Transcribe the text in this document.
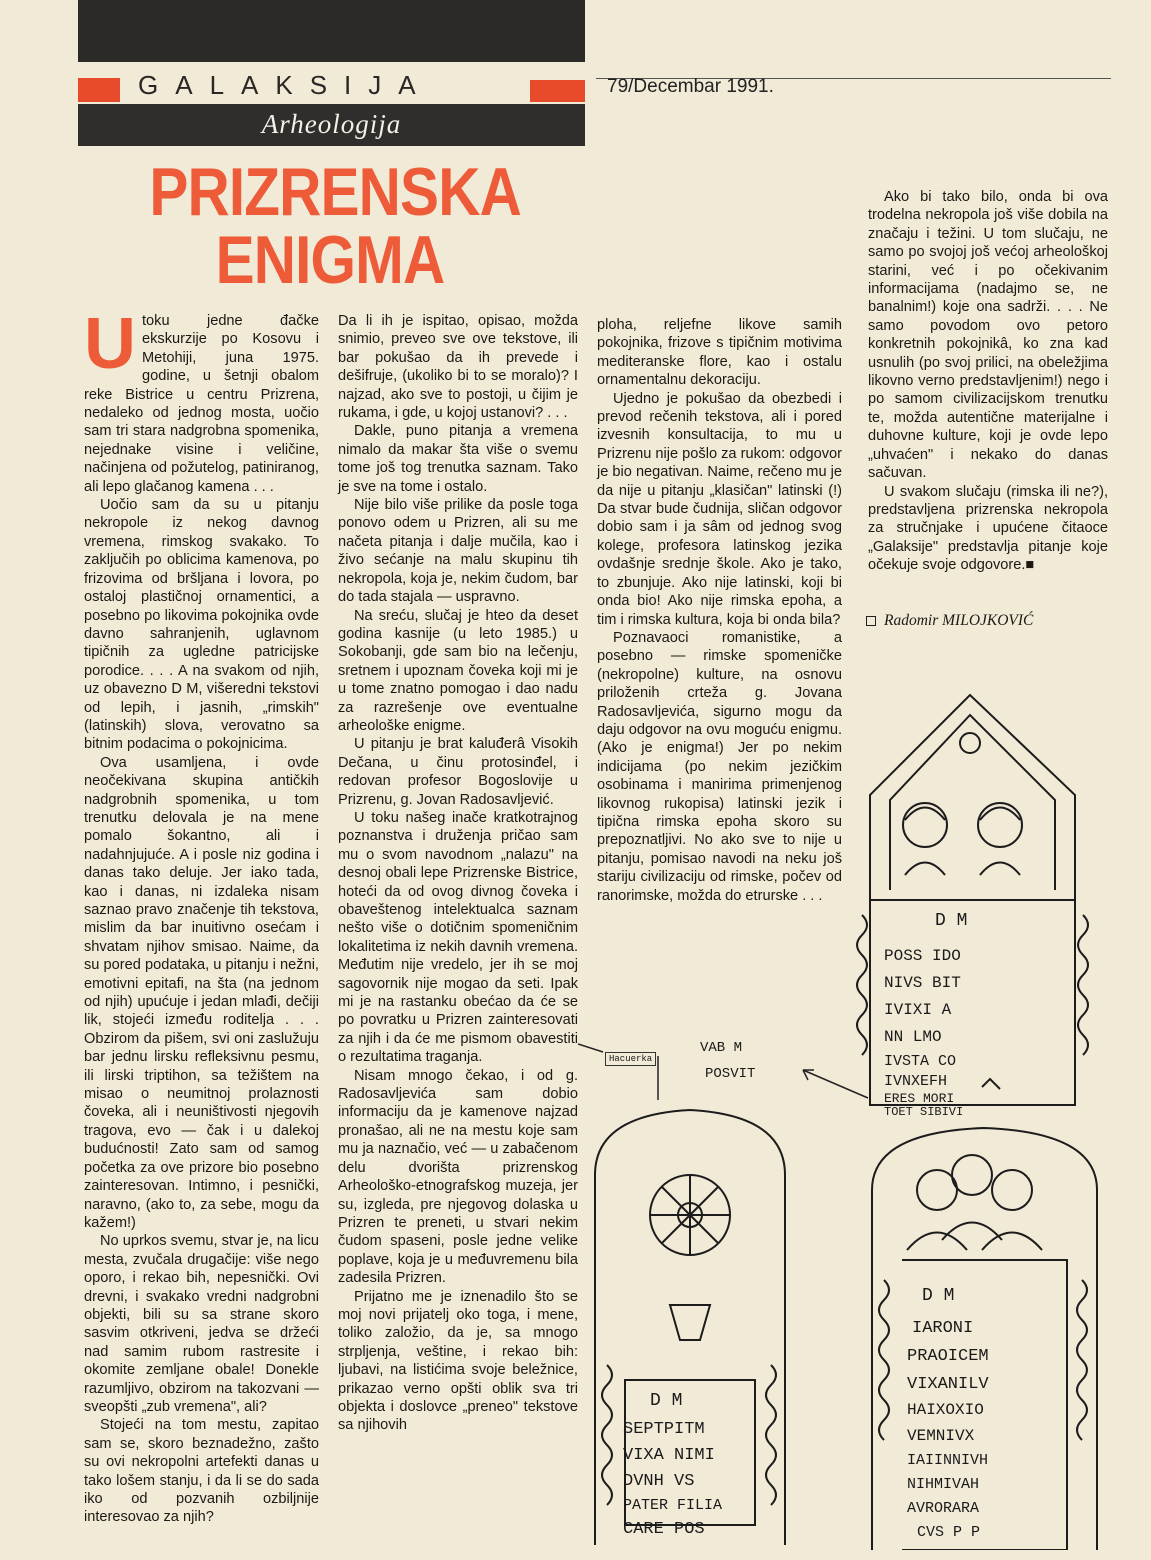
GALAKSIJA	79/Decembar 1991.
Arheologija
PRIZRENSKA
ENIGMA

Utoku jedne đačke ekskurzije po Kosovu i Metohiji, juna 1975. godine, u šetnji obalom reke Bistrice u centru Prizrena, nedaleko od jednog mosta, uočio sam tri stara nadgrobna spomenika, nejednake visine i veličine, načinjena od požutelog, patiniranog, ali lepo glačanog kamena . . .

Uočio sam da su u pitanju nekropole iz nekog davnog vremena, rimskog svakako. To zaključih po oblicima kamenova, po frizovima od bršljana i lovora, po ostaloj plastičnoj ornamentici, a posebno po likovima pokojnika ovde davno sahranjenih, uglavnom tipičnih za ugledne patricijske porodice. . . . A na svakom od njih, uz obavezno D M, višeredni tekstovi od lepih, i jasnih, „rimskih" (latinskih) slova, verovatno sa bitnim podacima o pokojnicima.

Ova usamljena, i ovde neočekivana skupina antičkih nadgrobnih spomenika, u tom trenutku delovala je na mene pomalo šokantno, ali i nadahnjujuće. A i posle niz godina i danas tako deluje. Jer iako tada, kao i danas, ni izdaleka nisam saznao pravo značenje tih tekstova, mislim da bar inuitivno osećam i shvatam njihov smisao. Naime, da su pored podataka, u pitanju i nežni, emotivni epitafi, na šta (na jednom od njih) upućuje i jedan mlađi, dečiji lik, stojeći između roditelja . . . Obzirom da pišem, svi oni zaslužuju bar jednu lirsku refleksivnu pesmu, ili lirski triptihon, sa težištem na misao o neumitnoj prolaznosti čoveka, ali i neuništivosti njegovih tragova, evo — čak i u dalekoj budućnosti! Zato sam od samog početka za ove prizore bio posebno zainteresovan. Intimno, i pesnički, naravno, (ako to, za sebe, mogu da kažem!)

No uprkos svemu, stvar je, na licu mesta, zvučala drugačije: više nego oporo, i rekao bih, nepesnički. Ovi drevni, i svakako vredni nadgrobni objekti, bili su sa strane skoro sasvim otkriveni, jedva se držeći nad samim rubom rastresite i okomite zemljane obale! Donekle razumljivo, obzirom na takozvani — sveopšti „zub vremena", ali?

Stojeći na tom mestu, zapitao sam se, skoro beznadežno, zašto su ovi nekropolni artefekti danas u tako lošem stanju, i da li se do sada iko od pozvanih ozbiljnije interesovao za njih?

Da li ih je ispitao, opisao, možda snimio, preveo sve ove tekstove, ili bar pokušao da ih prevede i dešifruje, (ukoliko bi to se moralo)? I najzad, ako sve to postoji, u čijim je rukama, i gde, u kojoj ustanovi? . . .

Dakle, puno pitanja a vremena nimalo da makar šta više o svemu tome još tog trenutka saznam. Tako je sve na tome i ostalo.

Nije bilo više prilike da posle toga ponovo odem u Prizren, ali su me načeta pitanja i dalje mučila, kao i živo sećanje na malu skupinu tih nekropola, koja je, nekim čudom, bar do tada stajala — uspravno.

Na sreću, slučaj je hteo da deset godina kasnije (u leto 1985.) u Sokobanji, gde sam bio na lečenju, sretnem i upoznam čoveka koji mi je u tome znatno pomogao i dao nadu za razrešenje ove eventualne arheološke enigme.

U pitanju je brat kaluđerâ Visokih Dečana, u činu protosinđel, i redovan profesor Bogoslovije u Prizrenu, g. Jovan Radosavljević.

U toku našeg inače kratkotrajnog poznanstva i druženja pričao sam mu o svom navodnom „nalazu" na desnoj obali lepe Prizrenske Bistrice, hoteći da od ovog divnog čoveka i obaveštenog intelektualca saznam nešto više o dotičnim spomeničnim lokalitetima iz nekih davnih vremena. Međutim nije vredelo, jer ih se moj sagovornik nije mogao da seti. Ipak mi je na rastanku obećao da će se po povratku u Prizren zainteresovati za njih i da će me pismom obavestiti o rezultatima traganja.

Nisam mnogo čekao, i od g. Radosavljevića sam dobio informaciju da je kamenove najzad pronašao, ali ne na mestu koje sam mu ja naznačio, već — u zabačenom delu dvorišta prizrenskog Arheološko-etnografskog muzeja, jer su, izgleda, pre njegovog dolaska u Prizren te preneti, u stvari nekim čudom spaseni, posle jedne velike poplave, koja je u međuvremenu bila zadesila Prizren.

Prijatno me je iznenadilo što se moj novi prijatelj oko toga, i mene, toliko založio, da je, sa mnogo strpljenja, veštine, i rekao bih: ljubavi, na listićima svoje beležnice, prikazao verno opšti oblik sva tri objekta i doslovce „preneo" tekstove sa njihovih

ploha, reljefne likove samih pokojnika, frizove s tipičnim motivima mediteranske flore, kao i ostalu ornamentalnu dekoraciju.

Ujedno je pokušao da obezbedi i prevod rečenih tekstova, ali i pored izvesnih konsultacija, to mu u Prizrenu nije pošlo za rukom: odgovor je bio negativan. Naime, rečeno mu je da nije u pitanju „klasičan" latinski (!) Da stvar bude čudnija, sličan odgovor dobio sam i ja sâm od jednog svog kolege, profesora latinskog jezika ovdašnje srednje škole. Ako je tako, to zbunjuje. Ako nije latinski, koji bi onda bio! Ako nije rimska epoha, a tim i rimska kultura, koja bi onda bila?

Poznavaoci romanistike, a posebno — rimske spomeničke (nekropolne) kulture, na osnovu priloženih crteža g. Jovana Radosavljevića, sigurno mogu da daju odgovor na ovu moguću enigmu. (Ako je enigma!) Jer po nekim indicijama (po nekim jezičkim osobinama i manirima primenjenog likovnog rukopisa) latinski jezik i tipična rimska epoha skoro su prepoznatljivi. No ako sve to nije u pitanju, pomisao navodi na neku još stariju civilizaciju od rimske, počev od ranorimske, možda do etrurske . . .

Ako bi tako bilo, onda bi ova trodelna nekropola još više dobila na značaju i težini. U tom slučaju, ne samo po svojoj još većoj arheološkoj starini, već i po očekivanim informacijama (nadajmo se, ne banalnim!) koje ona sadrži. . . . Ne samo povodom ovo petoro konkretnih pokojnikâ, ko zna kad usnulih (po svoj prilici, na obeležjima likovno verno predstavljenim!) nego i po samom civilizacijskom trenutku te, možda autentične materijalne i duhovne kulture, koji je ovde lepo „uhvaćen" i nekako do danas sačuvan.

U svakom slučaju (rimska ili ne?), predstavljena prizrenska nekropola za stručnjake i upućene čitaoce „Galaksije" predstavlja pitanje koje očekuje svoje odgovore.■

Radomir MILOJKOVIĆ
D M
POSS IDO
NIVS BIT
IVIXI A
NN LMO
IVSTA CO
IVNXEFH
ERES MORI
TOET SIBIVI
Hacuerka
VAB M
POSVIT
D M
SEPTPITM
VIXA NIMI
DVNH VS
PATER FILIA
CARE POS
D M
IARONI
PRAOICEM
VIXANILV
HAIXOXIO
VEMNIVX
IAIINNIVH
NIHMIVAH
AVRORARA
CVS P P
